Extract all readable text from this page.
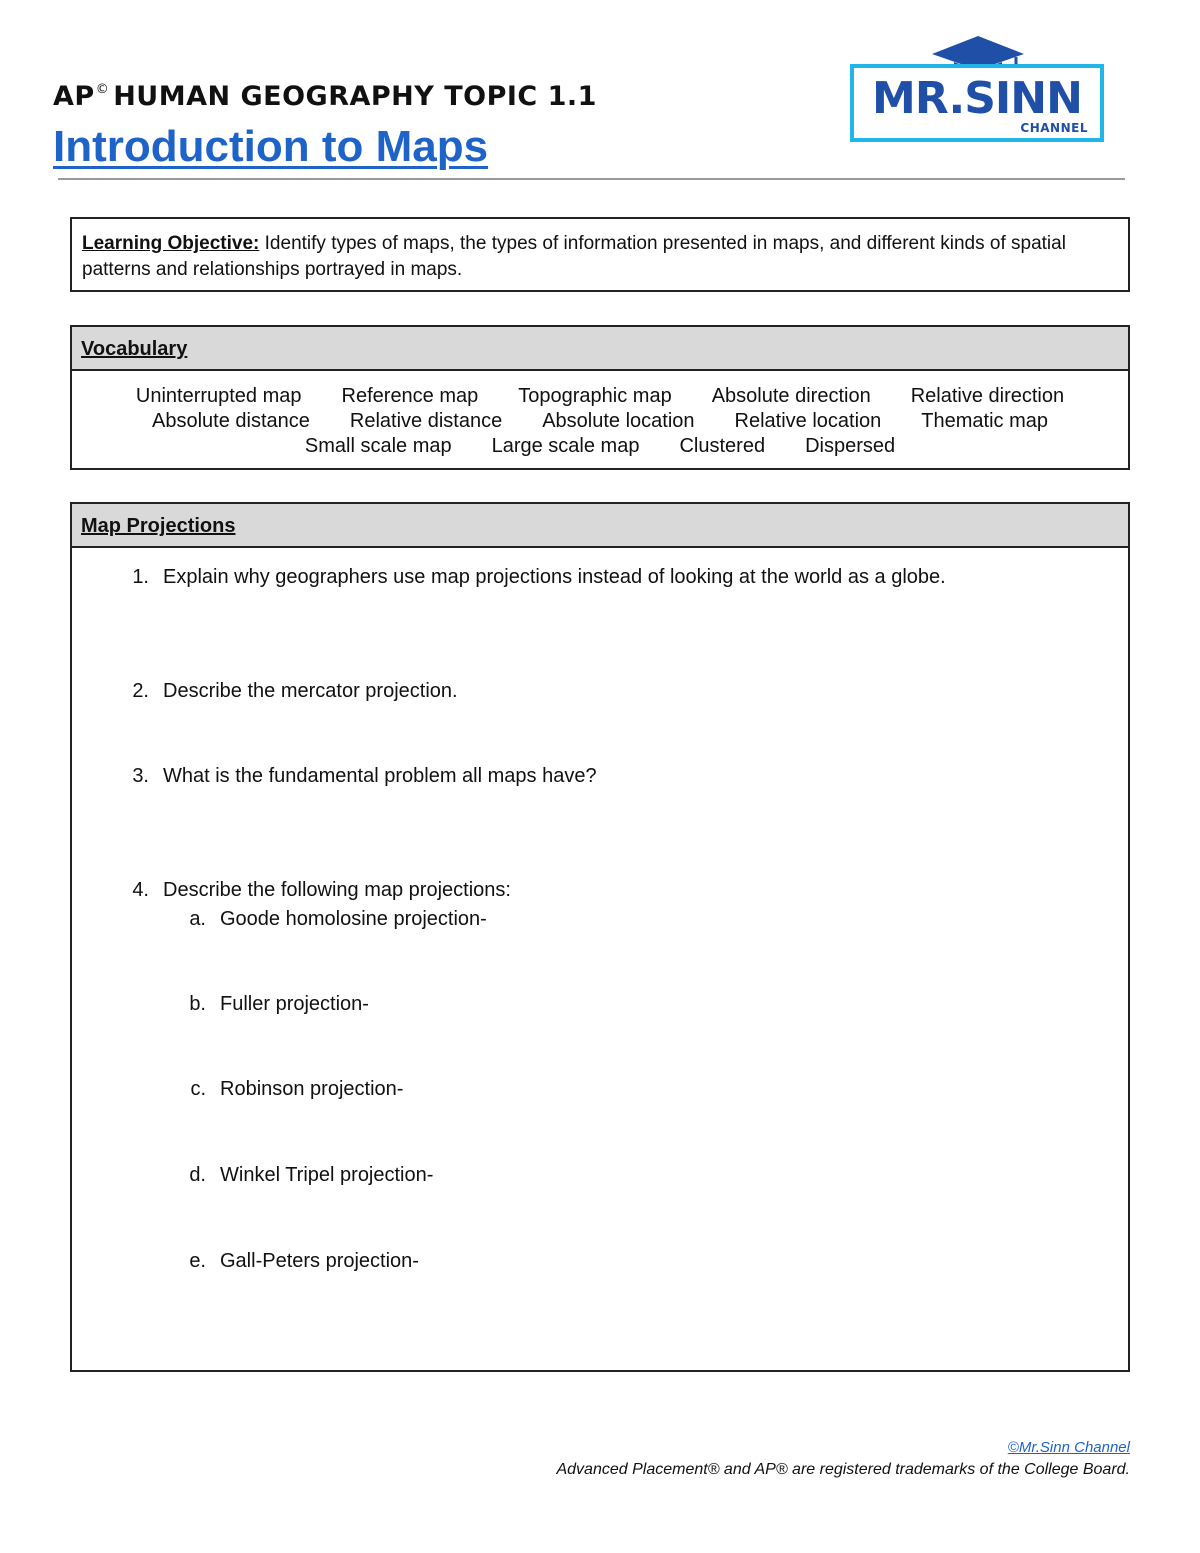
AP© HUMAN GEOGRAPHY TOPIC 1.1
Introduction to Maps
MR.SINN
CHANNEL
Learning Objective: Identify types of maps, the types of information presented in maps, and different kinds of spatial patterns and relationships portrayed in maps.
Vocabulary
Uninterrupted map Reference map Topographic map Absolute direction Relative direction
Absolute distance Relative distance Absolute location Relative location Thematic map
Small scale map Large scale map Clustered Dispersed
Map Projections
1. Explain why geographers use map projections instead of looking at the world as a globe.
2. Describe the mercator projection.
3. What is the fundamental problem all maps have?
4. Describe the following map projections:
a. Goode homolosine projection-
b. Fuller projection-
c. Robinson projection-
d. Winkel Tripel projection-
e. Gall-Peters projection-
©Mr.Sinn Channel
Advanced Placement® and AP® are registered trademarks of the College Board.
